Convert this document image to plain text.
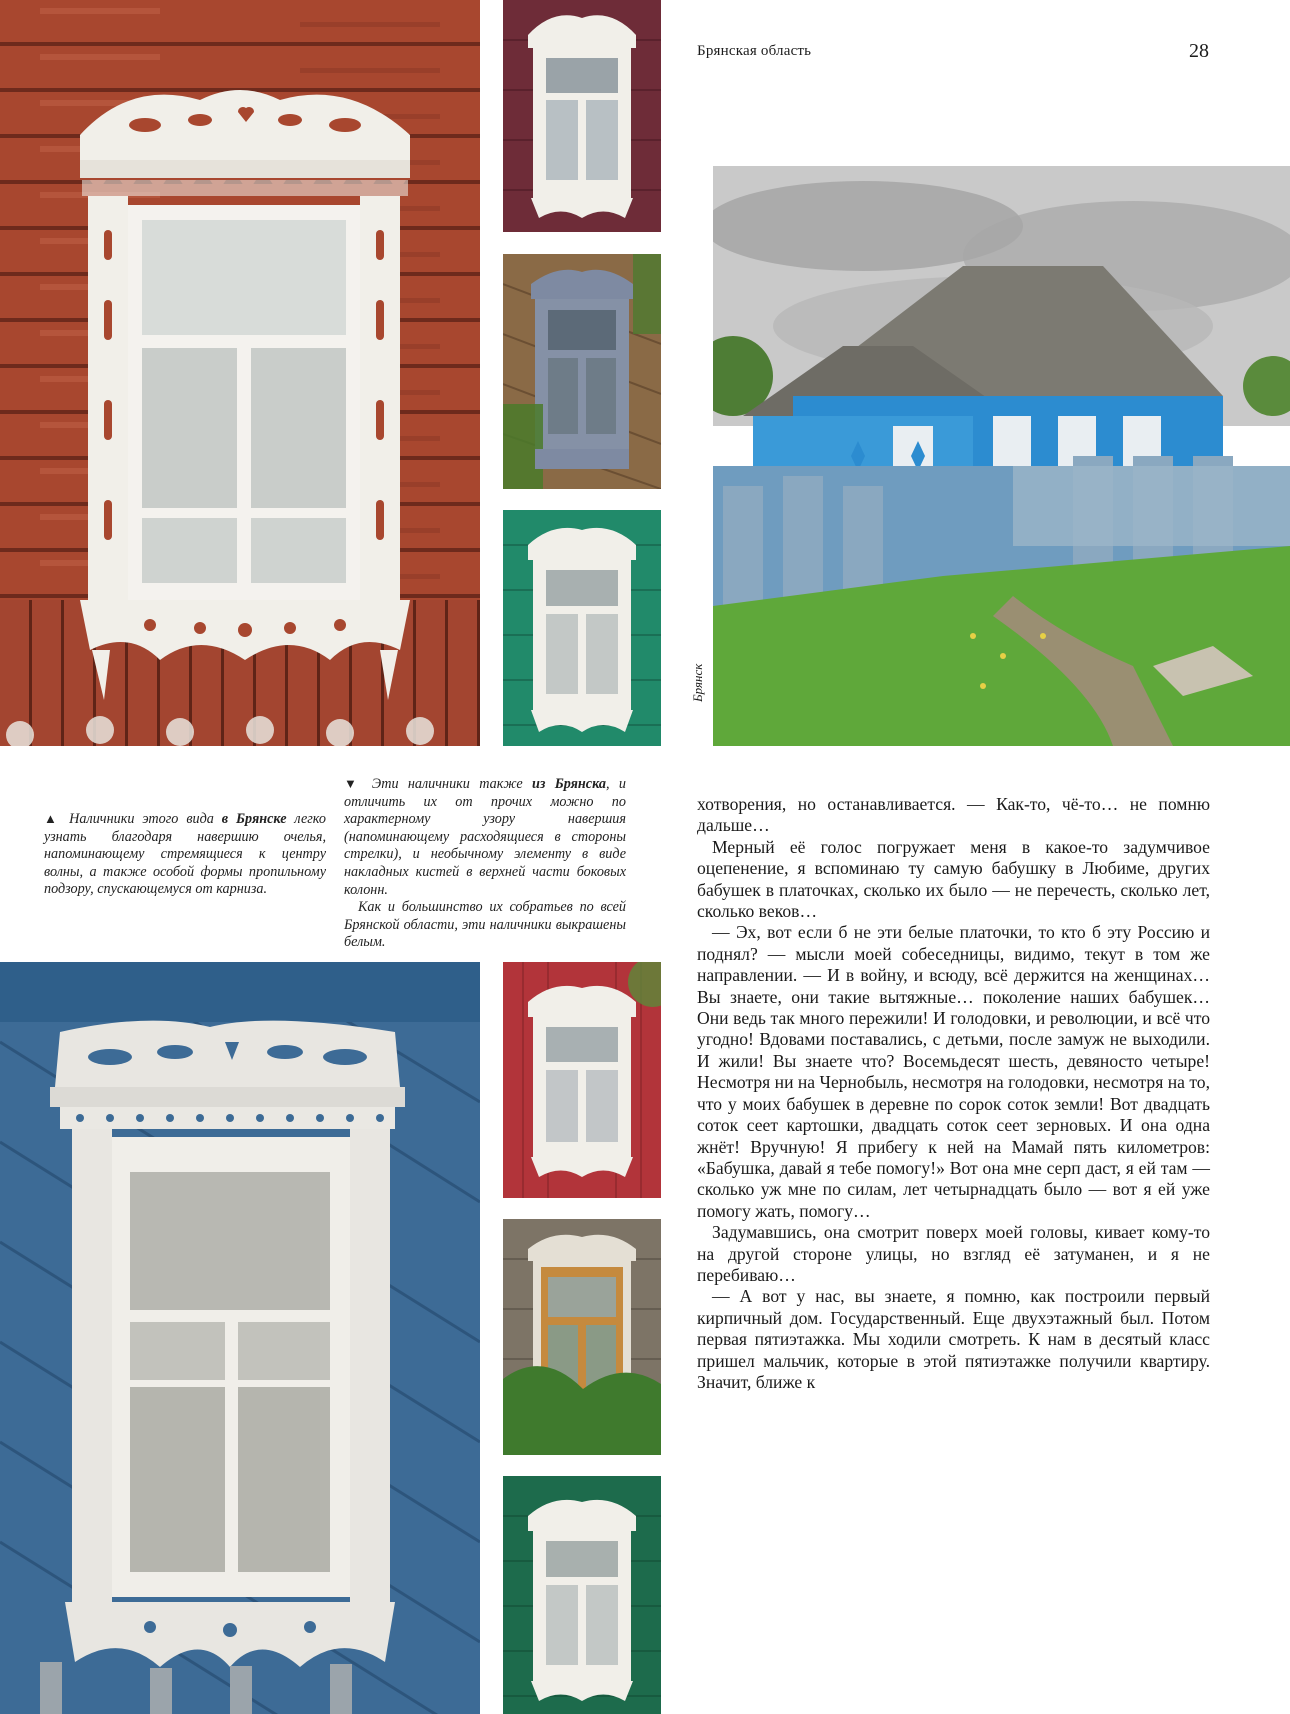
Брянская область	28
Брянск

▲ Наличники этого вида в Брянске легко узнать благодаря навершию очелья, напоминающему стремящиеся к центру волны, а также особой формы пропильному подзору, спускающемуся от карниза.

▼ Эти наличники также из Брянска, и отличить их от прочих можно по характерному узору навершия (напоминающему расходящиеся в стороны стрелки), и необычному элементу в виде накладных кистей в верхней части боковых колонн.

Как и большинство их собратьев по всей Брянской области, эти наличники выкрашены белым.

хотворения, но останавливается. — Как-то, чё-то… не помню дальше…

Мерный её голос погружает меня в какое-то задумчивое оцепенение, я вспоминаю ту самую бабушку в Любиме, других бабушек в платочках, сколько их было — не перечесть, сколько лет, сколько веков…

— Эх, вот если б не эти белые платочки, то кто б эту Россию и поднял? — мысли моей собеседницы, видимо, текут в том же направлении. — И в войну, и всюду, всё держится на женщинах… Вы знаете, они такие вытяжные… поколение наших бабушек… Они ведь так много пережили! И голодовки, и революции, и всё что угодно! Вдовами поставались, с детьми, после замуж не выходили. И жили! Вы знаете что? Восемьдесят шесть, девяносто четыре! Несмотря ни на Чернобыль, несмотря на голодовки, несмотря на то, что у моих бабушек в деревне по сорок соток земли! Вот двадцать соток сеет картошки, двадцать соток сеет зерновых. И она одна жнёт! Вручную! Я прибегу к ней на Мамай пять километров: «Бабушка, давай я тебе помогу!» Вот она мне серп даст, я ей там — сколько уж мне по силам, лет четырнадцать было — вот я ей уже помогу жать, помогу…

Задумавшись, она смотрит поверх моей головы, кивает кому-то на другой стороне улицы, но взгляд её затуманен, и я не перебиваю…

— А вот у нас, вы знаете, я помню, как построили первый кирпичный дом. Государственный. Еще двухэтажный был. Потом первая пятиэтажка. Мы ходили смотреть. К нам в десятый класс пришел мальчик, которые в этой пятиэтажке получили квартиру. Значит, ближе к
